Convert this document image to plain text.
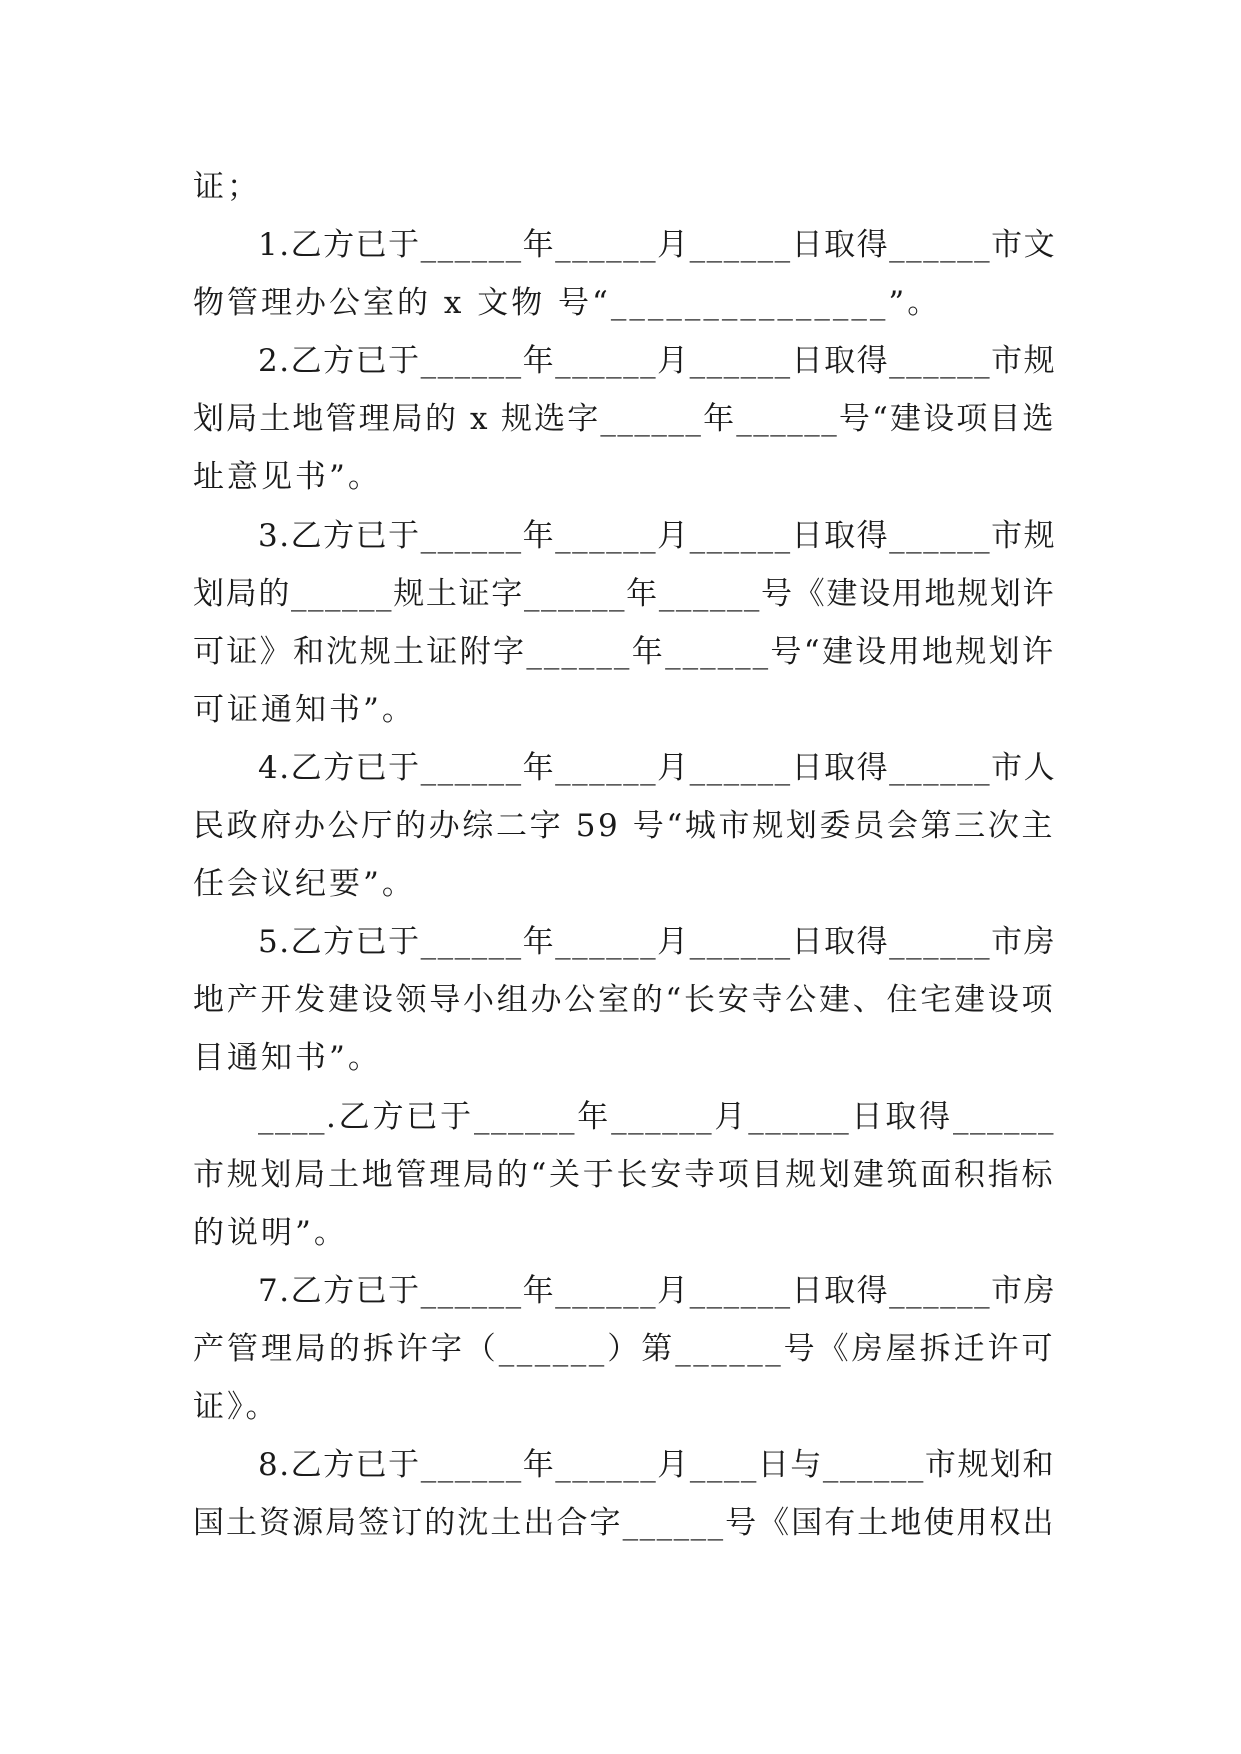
证；
1.乙方已于______年______月______日取得______市文
物管理办公室的 x 文物 号“_______________”。
2.乙方已于______年______月______日取得______市规
划局土地管理局的 x 规选字______年______号“建设项目选
址意见书”。
3.乙方已于______年______月______日取得______市规
划局的______规土证字______年______号《建设用地规划许
可证》和沈规土证附字______年______号“建设用地规划许
可证通知书”。
4.乙方已于______年______月______日取得______市人
民政府办公厅的办综二字 59 号“城市规划委员会第三次主
任会议纪要”。
5.乙方已于______年______月______日取得______市房
地产开发建设领导小组办公室的“长安寺公建、住宅建设项
目通知书”。
____.乙方已于______年______月______日取得______
市规划局土地管理局的“关于长安寺项目规划建筑面积指标
的说明”。
7.乙方已于______年______月______日取得______市房
产管理局的拆许字（______）第______号《房屋拆迁许可
证》。
8.乙方已于______年______月____日与______市规划和
国土资源局签订的沈土出合字______号《国有土地使用权出
